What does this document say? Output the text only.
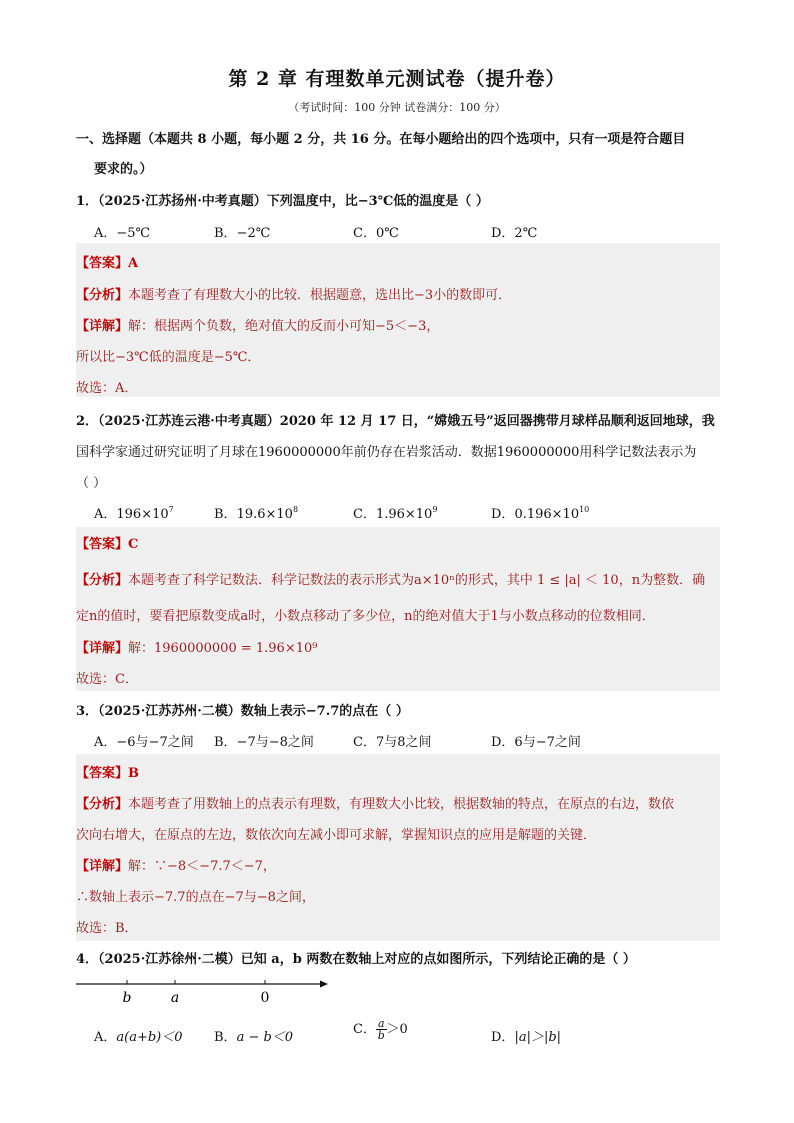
第 2 章 有理数单元测试卷（提升卷）
（考试时间：100 分钟 试卷满分：100 分）
一、选择题（本题共 8 小题，每小题 2 分，共 16 分。在每小题给出的四个选项中，只有一项是符合题目
要求的。）
1．（2025·江苏扬州·中考真题）下列温度中，比−3℃低的温度是（ ）
A．−5℃	B．−2℃	C．0℃	D．2℃
【答案】A
【分析】本题考查了有理数大小的比较．根据题意，选出比−3小的数即可．
【详解】解：根据两个负数，绝对值大的反而小可知−5＜−3，
所以比−3℃低的温度是−5℃．
故选：A．
2．（2025·江苏连云港·中考真题）2020 年 12 月 17 日，“嫦娥五号”返回器携带月球样品顺利返回地球，我
国科学家通过研究证明了月球在1960000000年前仍存在岩浆活动．数据1960000000用科学记数法表示为
（ ）
A．$196\times 10^7$	B．$19.6\times 10^8$	C．$1.96\times 10^9$	D．$0.196\times 10^{10}$
【答案】C
【分析】本题考查了科学记数法．科学记数法的表示形式为a×10ⁿ的形式，其中 1 ≤ |a| ＜ 10，n为整数．确
定n的值时，要看把原数变成a时，小数点移动了多少位，n的绝对值大于1与小数点移动的位数相同．
【详解】解：1960000000 = 1.96×10⁹
故选：C．
3．（2025·江苏苏州·二模）数轴上表示−7.7的点在（ ）
A．−6与−7之间 B．−7与−8之间	C．7与8之间	D．6与−7之间
【答案】B
【分析】本题考查了用数轴上的点表示有理数，有理数大小比较，根据数轴的特点，在原点的右边，数依
次向右增大，在原点的左边，数依次向左减小即可求解，掌握知识点的应用是解题的关键．
【详解】解：∵−8＜−7.7＜−7，
∴数轴上表示−7.7的点在−7与−8之间，
故选：B．
4．（2025·江苏徐州·二模）已知 a，b 两数在数轴上对应的点如图所示，下列结论正确的是（ ）
b	a	0
A．a(a+b)＜0 B．a − b＜0
C． $\frac{a}{b} >0$
D．|a|＞|b|
